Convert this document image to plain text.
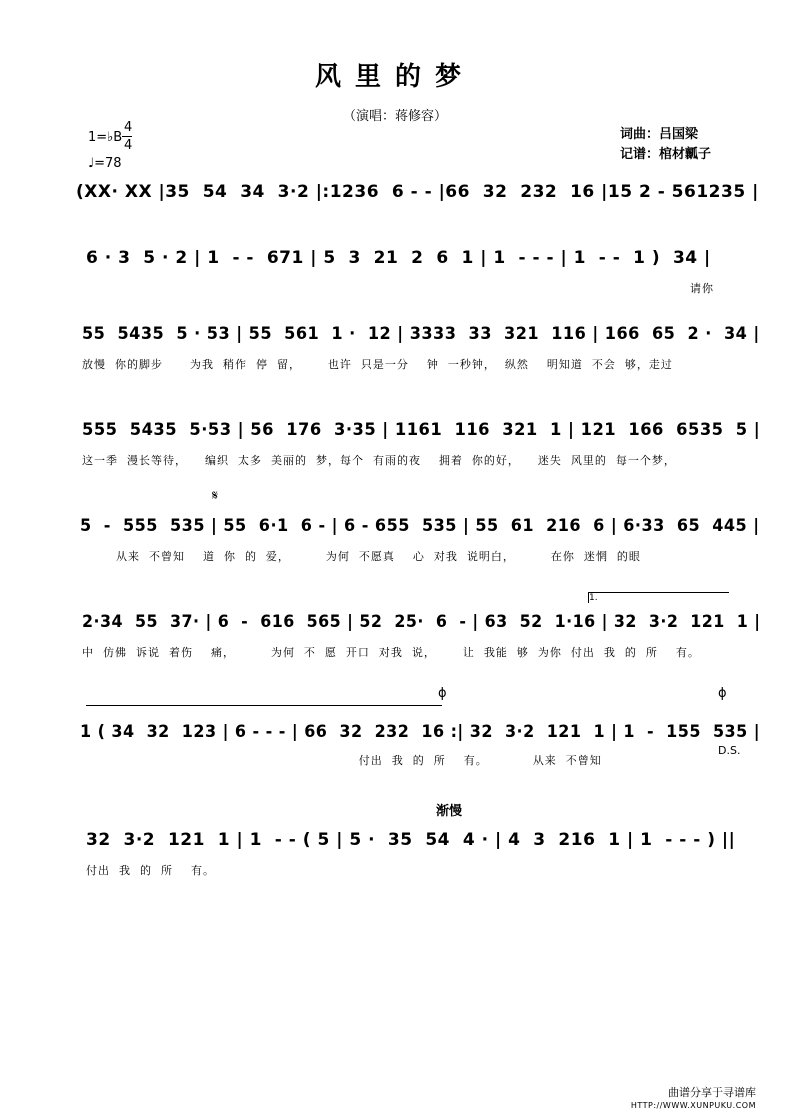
风里的梦
（演唱：蒋修容）
词曲：吕国梁
记谱：棺材瓤子
1=♭B
4
4
♩=78
(XX· XX |35  54  34  3·2 |:1236  6 - - |66  32  232  16 |15 2 - 561235 |
6 · 3  5 · 2 | 1  - -  671 | 5  3  21  2  6  1 | 1  - - - | 1  - -  1 )  34 |
请你
55  5435  5 · 53 | 55  561  1 ·  12 | 3333  33  321  116 | 166  65  2 ·  34 |
放慢  你的脚步      为我  稍作  停  留，      也许  只是一分    钟  一秒钟，  纵然    明知道  不会  够，走过
555  5435  5·53 | 56  176  3·35 | 1161  116  321  1 | 121  166  6535  5 |
这一季  漫长等待，    编织  太多  美丽的  梦，每个  有雨的夜    拥着  你的好，    迷失  风里的  每一个梦，
𝄋
5  -  555  535 | 55  6·1  6 - | 6 - 655  535 | 55  61  216  6 | 6·33  65  445 |
从来  不曾知    道  你  的  爱，        为何  不愿真    心  对我  说明白，        在你  迷惘  的眼
1.
2·34  55  37· | 6  -  616  565 | 52  25·  6  - | 63  52  1·16 | 32  3·2  121  1 |
中  仿佛  诉说  着伤    痛，        为何  不  愿  开口  对我  说，      让  我能  够  为你  付出  我  的  所    有。
ϕ	ϕ
1 ( 34  32  123 | 6 - - - | 66  32  232  16 :| 32  3·2  121  1 | 1  -  155  535 |
付出  我  的  所    有。          从来  不曾知
D.S.
渐慢
32  3·2  121  1 | 1  - - ( 5 | 5 ·  35  54  4 · | 4  3  216  1 | 1  - - - ) ||
付出  我  的  所    有。
曲谱分享于寻谱库
HTTP://WWW.XUNPUKU.COM
